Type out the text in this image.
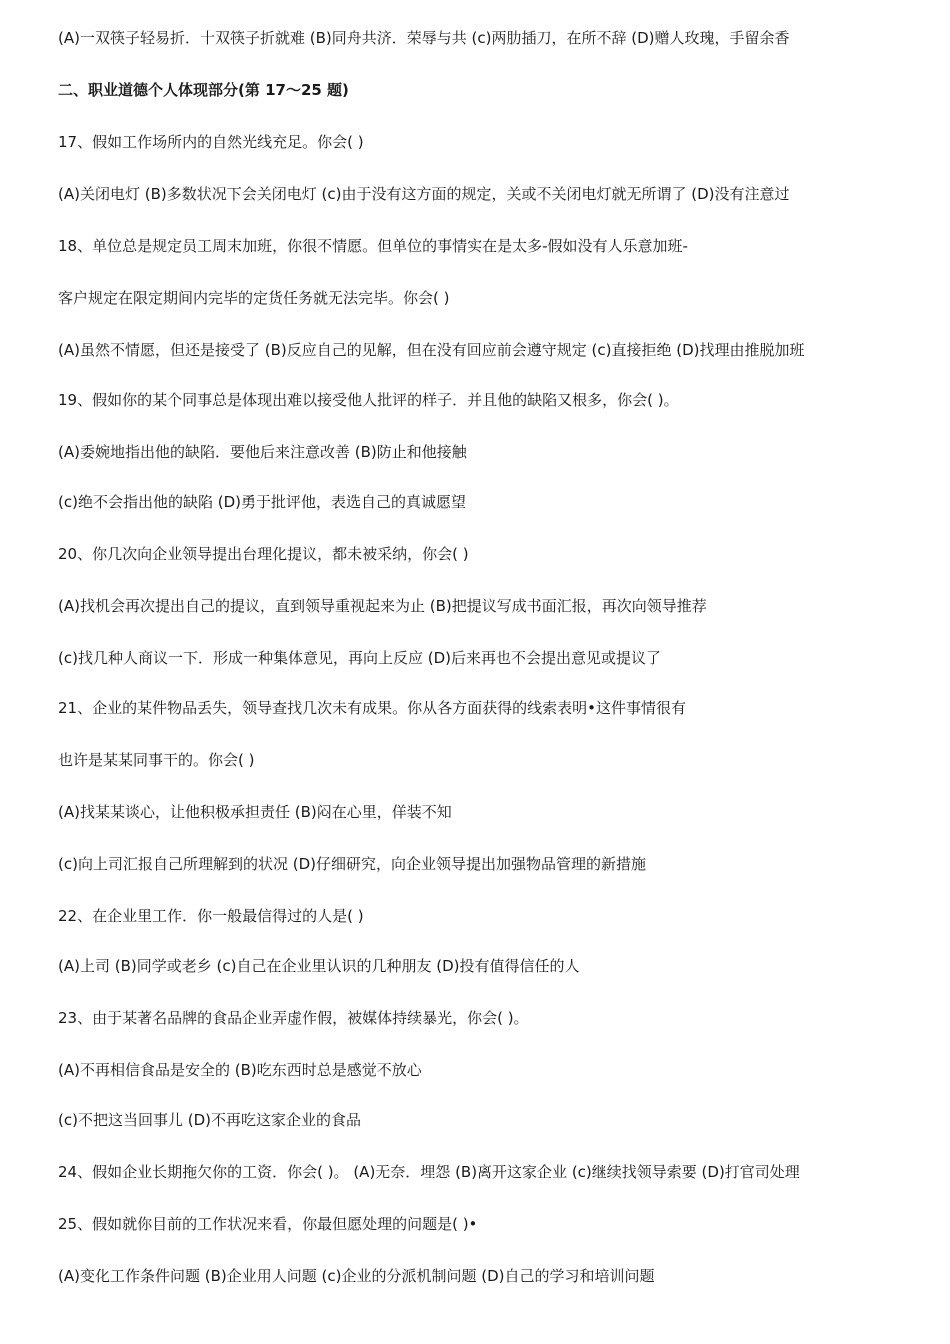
(A)一双筷子轻易折．十双筷子折就难 (B)同舟共济．荣辱与共 (c)两肋插刀，在所不辞 (D)赠人玫瑰，手留余香
二、职业道德个人体现部分(第 17～25 题)
17、假如工作场所内的自然光线充足。你会( )
(A)关闭电灯 (B)多数状况下会关闭电灯 (c)由于没有这方面的规定，关或不关闭电灯就无所谓了 (D)没有注意过
18、单位总是规定员工周末加班，你很不情愿。但单位的事情实在是太多-假如没有人乐意加班-
客户规定在限定期间内完毕的定货任务就无法完毕。你会( )
(A)虽然不情愿，但还是接受了 (B)反应自己的见解，但在没有回应前会遵守规定 (c)直接拒绝 (D)找理由推脱加班
19、假如你的某个同事总是体现出难以接受他人批评的样子．并且他的缺陷又根多，你会( )。
(A)委婉地指出他的缺陷．要他后来注意改善 (B)防止和他接触
(c)绝不会指出他的缺陷 (D)勇于批评他，表选自己的真诚愿望
20、你几次向企业领导提出台理化提议，都未被采纳，你会( )
(A)找机会再次提出自己的提议，直到领导重视起来为止 (B)把提议写成书面汇报，再次向领导推荐
(c)找几种人商议一下．形成一种集体意见，再向上反应 (D)后来再也不会提出意见或提议了
21、企业的某件物品丢失，领导查找几次未有成果。你从各方面获得的线索表明•这件事情很有
也许是某某同事干的。你会( )
(A)找某某谈心，让他积极承担责任 (B)闷在心里，佯装不知
(c)向上司汇报自己所理解到的状况 (D)仔细研究，向企业领导提出加强物品管理的新措施
22、在企业里工作．你一般最信得过的人是( )
(A)上司 (B)同学或老乡 (c)自己在企业里认识的几种朋友 (D)投有值得信任的人
23、由于某著名品牌的食品企业弄虚作假，被媒体持续暴光，你会( )。
(A)不再相信食品是安全的 (B)吃东西时总是感觉不放心
(c)不把这当回事儿 (D)不再吃这家企业的食品
24、假如企业长期拖欠你的工资．你会( )。 (A)无奈．埋怨 (B)离开这家企业 (c)继续找领导索要 (D)打官司处理
25、假如就你目前的工作状况来看，你最但愿处理的问题是( )•
(A)变化工作条件问题 (B)企业用人问题 (c)企业的分派机制问题 (D)自己的学习和培训问题
